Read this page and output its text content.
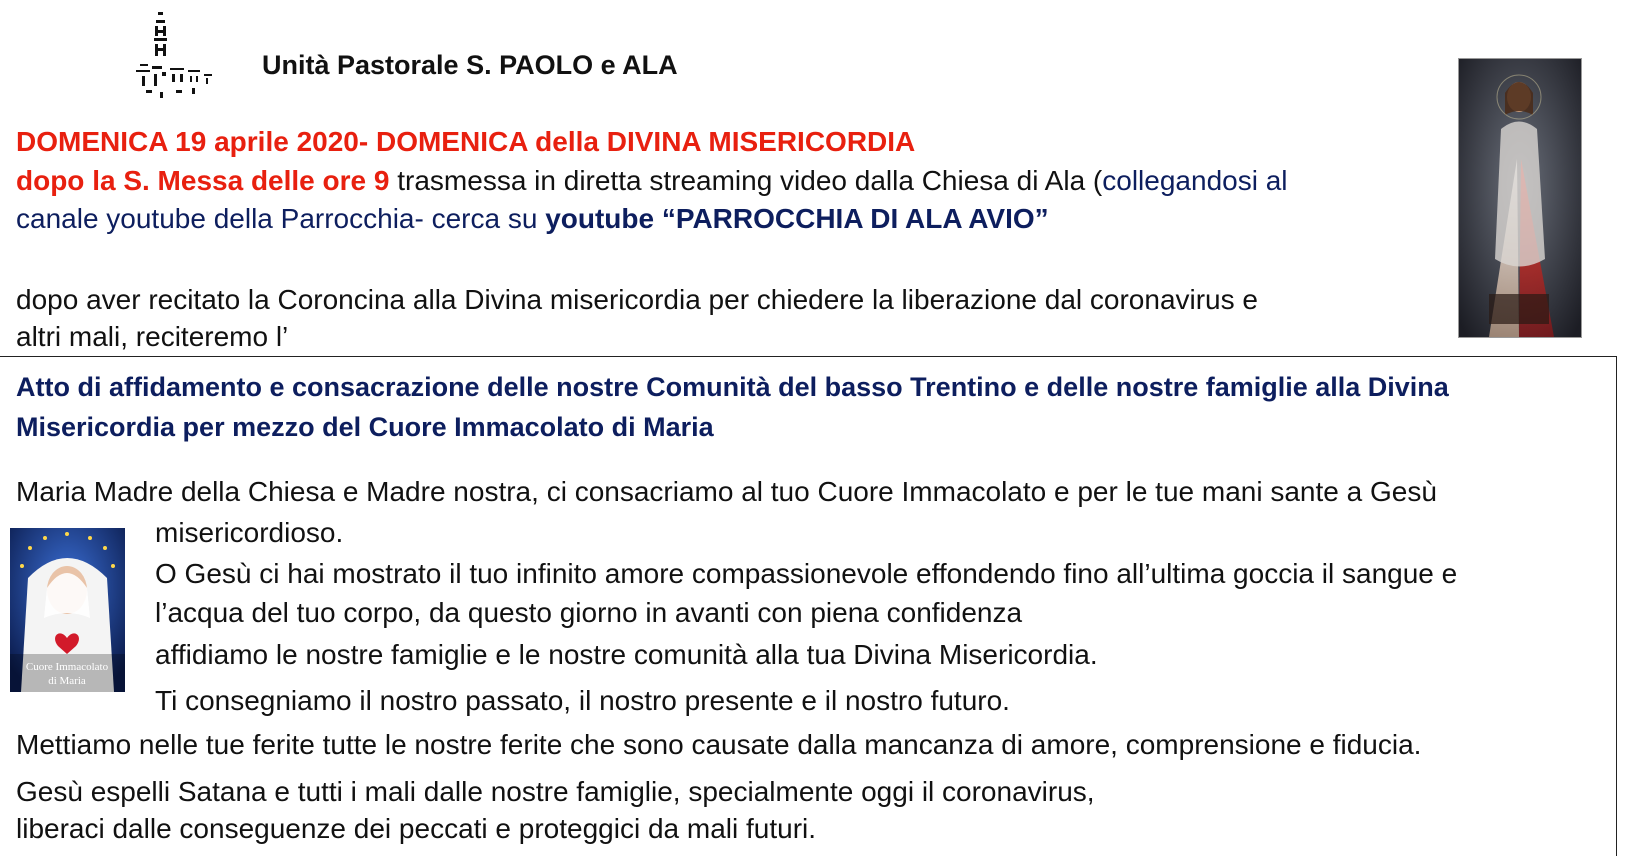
Unità Pastorale S. PAOLO e ALA
DOMENICA 19 aprile 2020- DOMENICA della DIVINA MISERICORDIA
dopo la S. Messa delle ore 9 trasmessa in diretta streaming video dalla Chiesa di Ala (collegandosi al
canale youtube della Parrocchia- cerca su youtube “PARROCCHIA DI ALA AVIO”
dopo aver recitato la Coroncina alla Divina misericordia per chiedere la liberazione dal coronavirus e
altri mali, reciteremo l’
Atto di affidamento e consacrazione delle nostre Comunità del basso Trentino e delle nostre famiglie alla Divina
Misericordia per mezzo del Cuore Immacolato di Maria
Maria Madre della Chiesa e Madre nostra, ci consacriamo al tuo Cuore Immacolato e per le tue mani sante a Gesù
misericordioso.
O Gesù ci hai mostrato il tuo infinito amore compassionevole effondendo fino all’ultima goccia il sangue e
l’acqua del tuo corpo, da questo giorno in avanti con piena confidenza
affidiamo le nostre famiglie e le nostre comunità alla tua Divina Misericordia.
Ti consegniamo il nostro passato, il nostro presente e il nostro futuro.
Mettiamo nelle tue ferite tutte le nostre ferite che sono causate dalla mancanza di amore, comprensione e fiducia.
Gesù espelli Satana e tutti i mali dalle nostre famiglie, specialmente oggi il coronavirus,
liberaci dalle conseguenze dei peccati e proteggici da mali futuri.
Cuore Immacolato
di Maria
